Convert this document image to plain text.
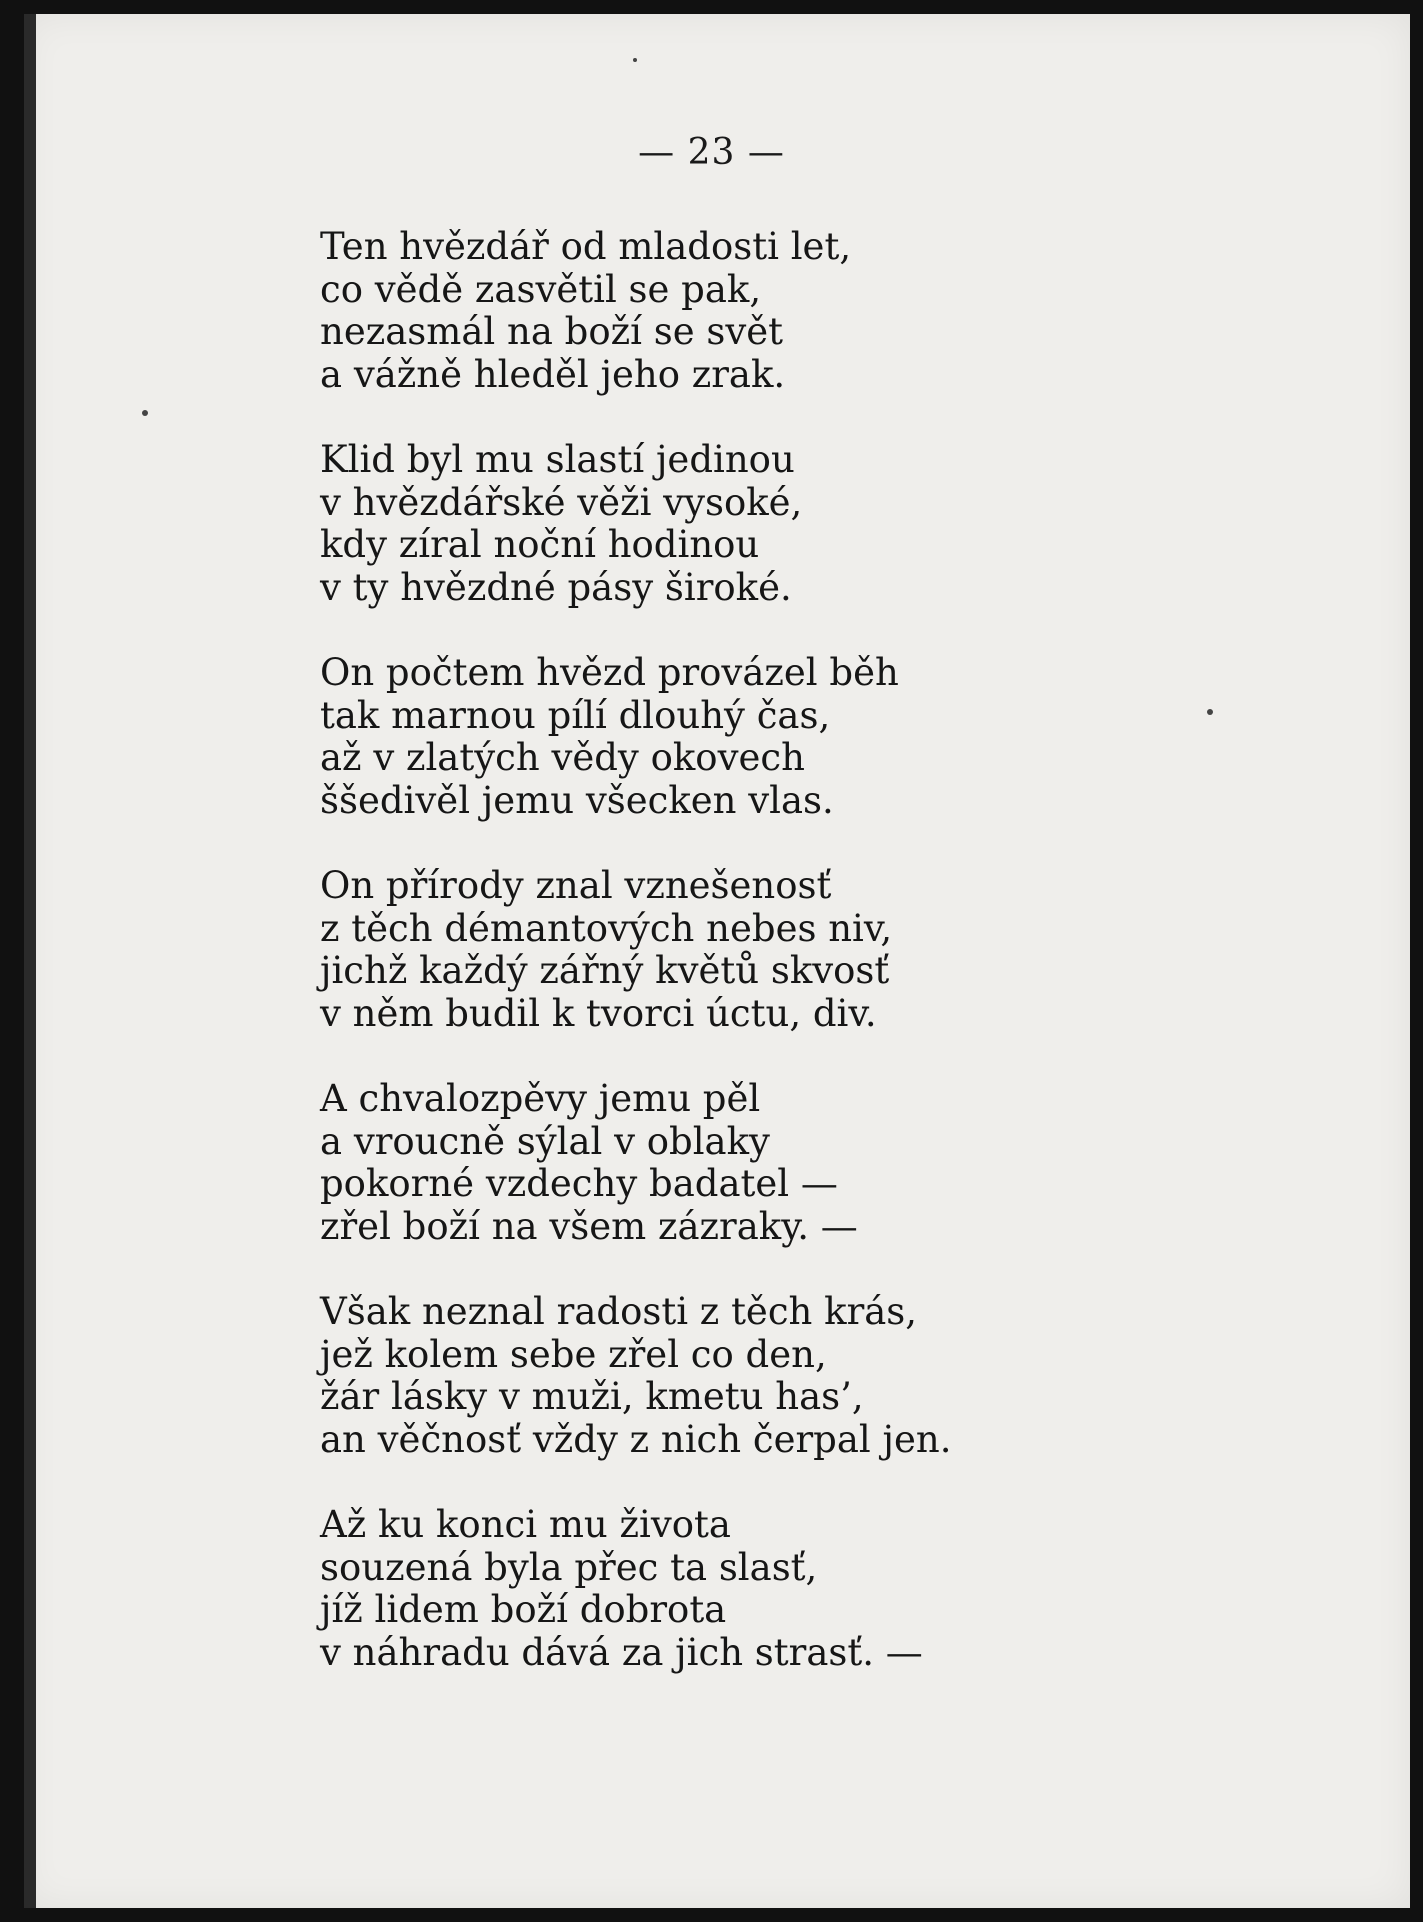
— 23 —
Ten hvězdář od mladosti let,
co vědě zasvětil se pak,
nezasmál na boží se svět
a vážně hleděl jeho zrak.
Klid byl mu slastí jedinou
v hvězdářské věži vysoké,
kdy zíral noční hodinou
v ty hvězdné pásy široké.
On počtem hvězd provázel běh
tak marnou pílí dlouhý čas,
až v zlatých vědy okovech
ššedivěl jemu všecken vlas.
On přírody znal vznešenosť
z těch démantových nebes niv,
jichž každý zářný květů skvosť
v něm budil k tvorci úctu, div.
A chvalozpěvy jemu pěl
a vroucně sýlal v oblaky
pokorné vzdechy badatel —
zřel boží na všem zázraky. —
Však neznal radosti z těch krás,
jež kolem sebe zřel co den,
žár lásky v muži, kmetu has’,
an věčnosť vždy z nich čerpal jen.
Až ku konci mu života
souzená byla přec ta slasť,
jíž lidem boží dobrota
v náhradu dává za jich strasť. —
